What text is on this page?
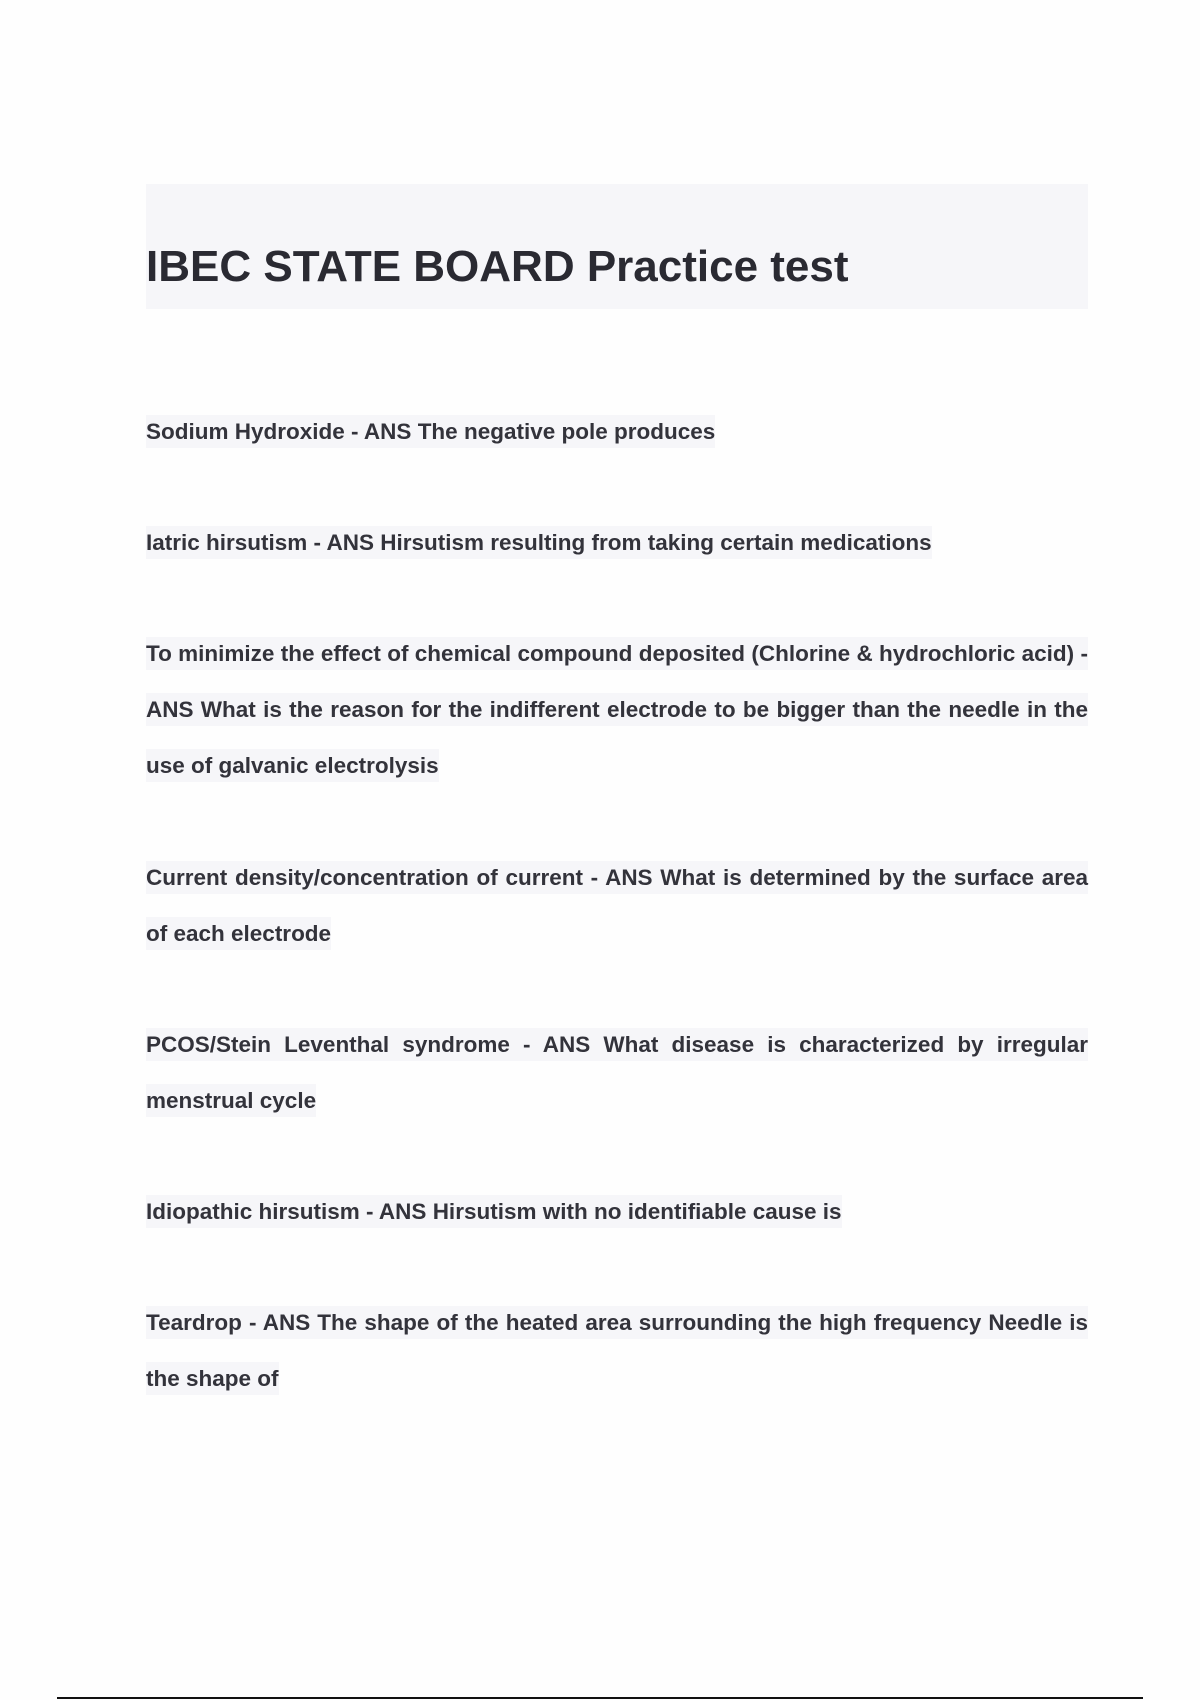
IBEC STATE BOARD Practice test

Sodium Hydroxide - ANS The negative pole produces

Iatric hirsutism - ANS Hirsutism resulting from taking certain medications

To minimize the effect of chemical compound deposited (Chlorine & hydrochloric acid) - ANS What is the reason for the indifferent electrode to be bigger than the needle in the use of galvanic electrolysis

Current density/concentration of current - ANS What is determined by the surface area of each electrode

PCOS/Stein Leventhal syndrome - ANS What disease is characterized by irregular menstrual cycle

Idiopathic hirsutism - ANS Hirsutism with no identifiable cause is

Teardrop - ANS The shape of the heated area surrounding the high frequency Needle is the shape of
